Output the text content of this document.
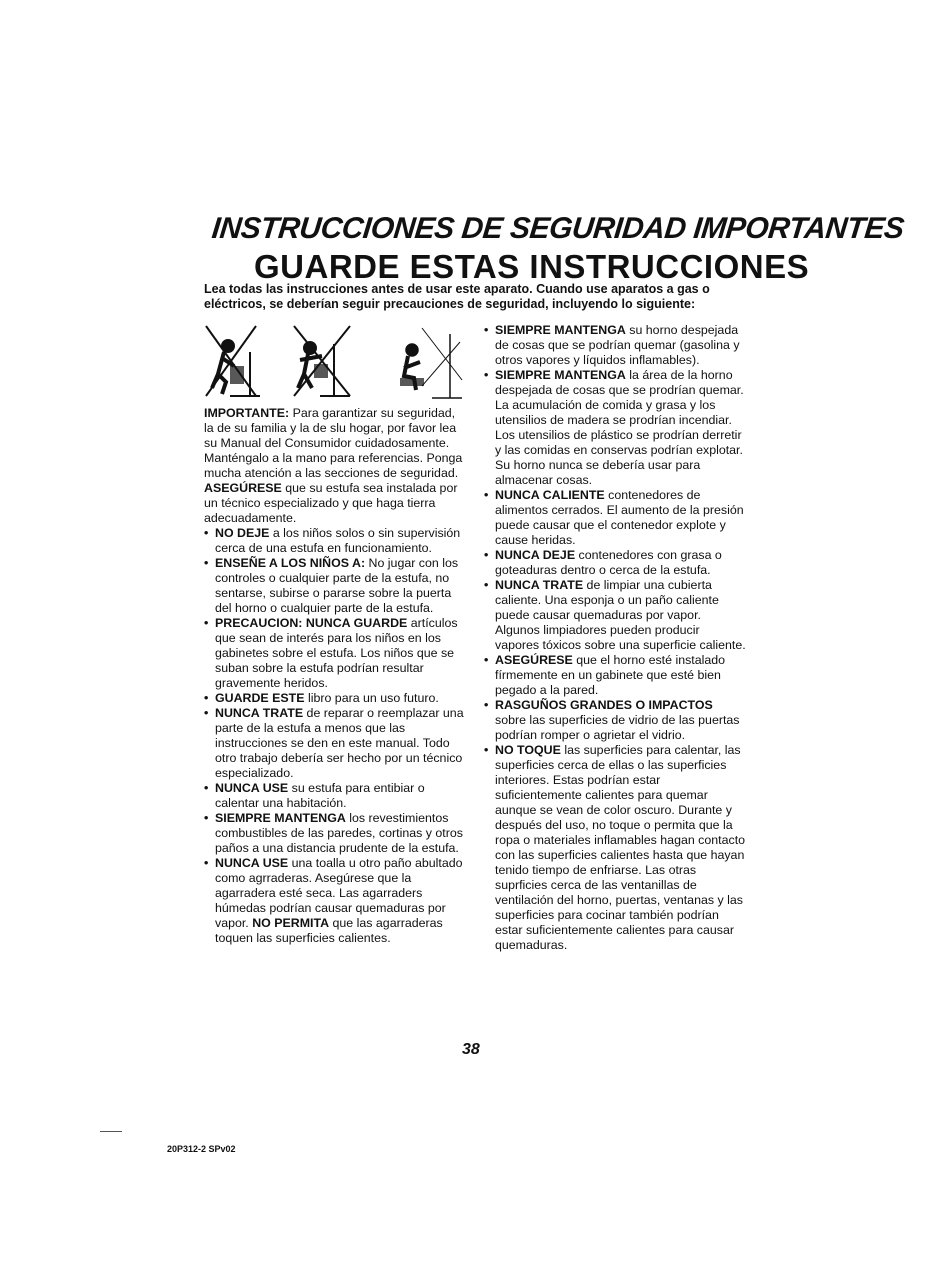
INSTRUCCIONES DE SEGURIDAD IMPORTANTES
GUARDE ESTAS INSTRUCCIONES
Lea todas las instrucciones antes de usar este aparato. Cuando use aparatos a gas o eléctricos, se deberían seguir precauciones de seguridad, incluyendo lo siguiente:

IMPORTANTE: Para garantizar su seguridad, la de su familia y la de slu hogar, por favor lea su Manual del Consumidor cuidadosamente. Manténgalo a la mano para referencias. Ponga mucha atención a las secciones de seguridad.

ASEGÚRESE que su estufa sea instalada por un técnico especializado y que haga tierra adecuadamente.

• NO DEJE a los niños solos o sin supervisión cerca de una estufa en funcionamiento.
• ENSEÑE A LOS NIÑOS A: No jugar con los controles o cualquier parte de la estufa, no sentarse, subirse o pararse sobre la puerta del horno o cualquier parte de la estufa.
• PRECAUCION: NUNCA GUARDE artículos que sean de interés para los niños en los gabinetes sobre el estufa. Los niños que se suban sobre la estufa podrían resultar gravemente heridos.
• GUARDE ESTE libro para un uso futuro.
• NUNCA TRATE de reparar o reemplazar una parte de la estufa a menos que las instrucciones se den en este manual. Todo otro trabajo debería ser hecho por un técnico especializado.
• NUNCA USE su estufa para entibiar o calentar una habitación.
• SIEMPRE MANTENGA los revestimientos combustibles de las paredes, cortinas y otros paños a una distancia prudente de la estufa.
• NUNCA USE una toalla u otro paño abultado como agrraderas. Asegúrese que la agarradera esté seca. Las agarraders húmedas podrían causar quemaduras por vapor. NO PERMITA que las agarraderas toquen las superficies calientes.
• SIEMPRE MANTENGA su horno despejada de cosas que se podrían quemar (gasolina y otros vapores y líquidos inflamables).
• SIEMPRE MANTENGA la área de la horno despejada de cosas que se prodrían quemar. La acumulación de comida y grasa y los utensilios de madera se prodrían incendiar. Los utensilios de plástico se prodrían derretir y las comidas en conservas podrían explotar. Su horno nunca se debería usar para almacenar cosas.
• NUNCA CALIENTE contenedores de alimentos cerrados. El aumento de la presión puede causar que el contenedor explote y cause heridas.
• NUNCA DEJE contenedores con grasa o goteaduras dentro o cerca de la estufa.
• NUNCA TRATE de limpiar una cubierta caliente. Una esponja o un paño caliente puede causar quemaduras por vapor. Algunos limpiadores pueden producir vapores tóxicos sobre una superficie caliente.
• ASEGÚRESE que el horno esté instalado fírmemente en un gabinete que esté bien pegado a la pared.
• RASGUÑOS GRANDES O IMPACTOS sobre las superficies de vidrio de las puertas podrían romper o agrietar el vidrio.
• NO TOQUE las superficies para calentar, las superficies cerca de ellas o las superficies interiores. Estas podrían estar suficientemente calientes para quemar aunque se vean de color oscuro. Durante y después del uso, no toque o permita que la ropa o materiales inflamables hagan contacto con las superficies calientes hasta que hayan tenido tiempo de enfriarse. Las otras suprficies cerca de las ventanillas de ventilación del horno, puertas, ventanas y las superficies para cocinar también podrían estar suficientemente calientes para causar quemaduras.
38
20P312-2 SPv02
